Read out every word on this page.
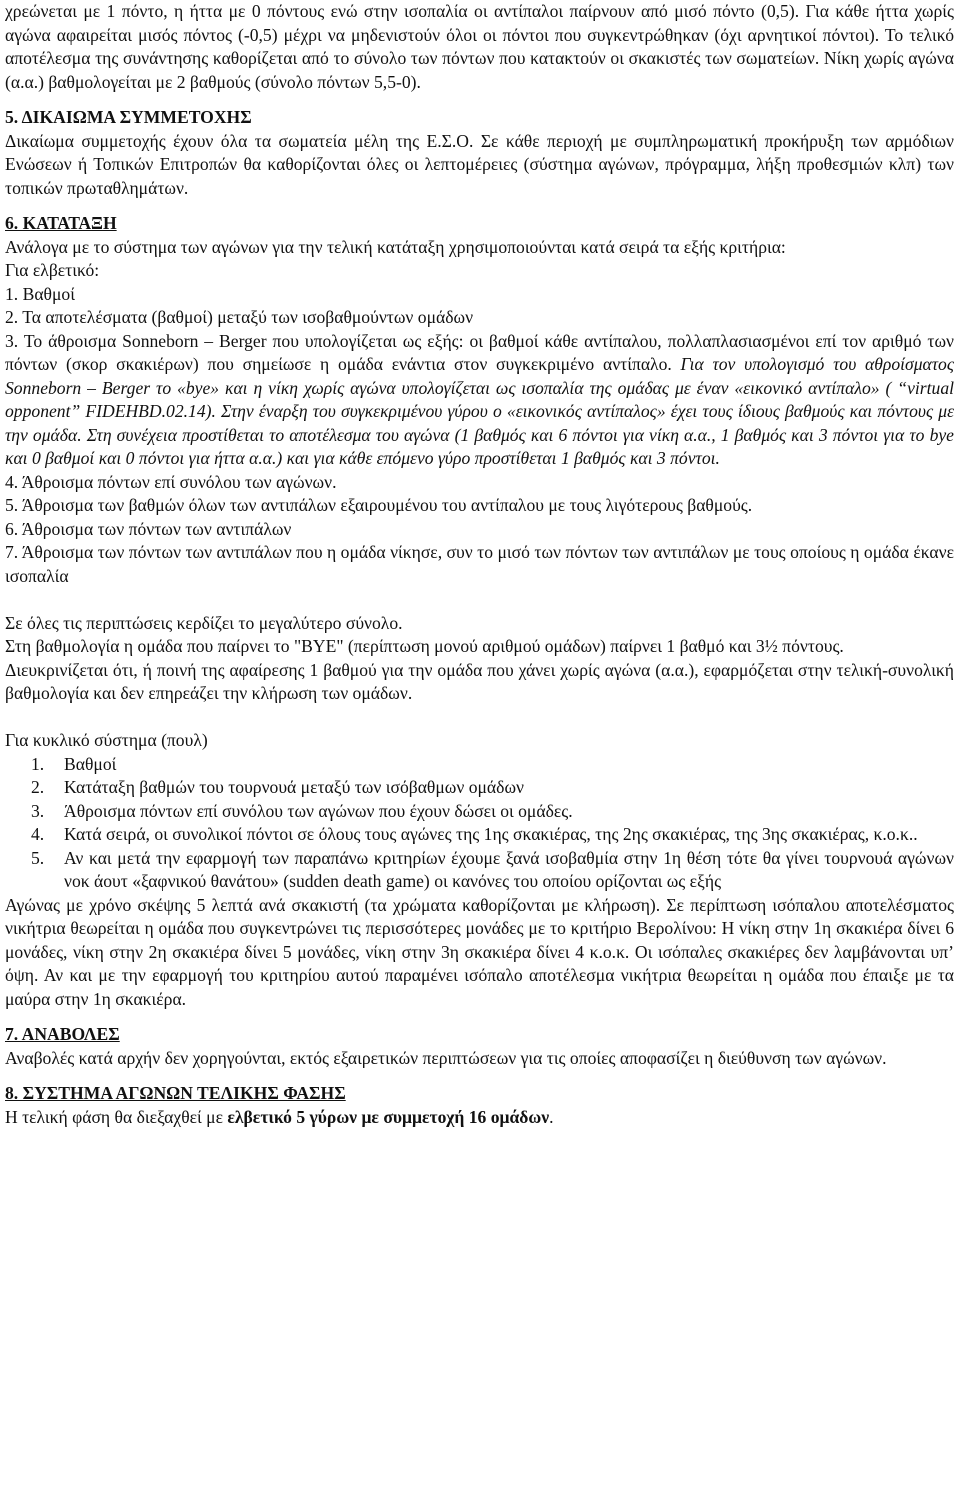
χρεώνεται με 1 πόντο, η ήττα με 0 πόντους ενώ στην ισοπαλία οι αντίπαλοι παίρνουν από μισό πόντο (0,5). Για κάθε ήττα χωρίς αγώνα αφαιρείται μισός πόντος (-0,5) μέχρι να μηδενιστούν όλοι οι πόντοι που συγκεντρώθηκαν (όχι αρνητικοί πόντοι). Το τελικό αποτέλεσμα της συνάντησης καθορίζεται από το σύνολο των πόντων που κατακτούν οι σκακιστές των σωματείων. Νίκη χωρίς αγώνα (α.α.) βαθμολογείται με 2 βαθμούς (σύνολο πόντων 5,5-0).

5. ΔΙΚΑΙΩΜΑ ΣΥΜΜΕΤΟΧΗΣ

Δικαίωμα συμμετοχής έχουν όλα τα σωματεία μέλη της Ε.Σ.Ο. Σε κάθε περιοχή με συμπληρωματική προκήρυξη των αρμόδιων Ενώσεων ή Τοπικών Επιτροπών θα καθορίζονται όλες οι λεπτομέρειες (σύστημα αγώνων, πρόγραμμα, λήξη προθεσμιών κλπ) των τοπικών πρωταθλημάτων.

6. ΚΑΤΑΤΑΞΗ

Ανάλογα με το σύστημα των αγώνων για την τελική κατάταξη χρησιμοποιούνται κατά σειρά τα εξής κριτήρια:

Για ελβετικό:

1. Βαθμοί

2. Τα αποτελέσματα (βαθμοί) μεταξύ των ισοβαθμούντων ομάδων

3. Το άθροισμα Sonneborn – Berger που υπολογίζεται ως εξής: οι βαθμοί κάθε αντίπαλου, πολλαπλασιασμένοι επί τον αριθμό των πόντων (σκορ σκακιέρων) που σημείωσε η ομάδα ενάντια στον συγκεκριμένο αντίπαλο. Για τον υπολογισμό του αθροίσματος Sonneborn – Berger το «bye» και η νίκη χωρίς αγώνα υπολογίζεται ως ισοπαλία της ομάδας με έναν «εικονικό αντίπαλο» ( “virtual opponent” FIDEHBD.02.14). Στην έναρξη του συγκεκριμένου γύρου ο «εικονικός αντίπαλος» έχει τους ίδιους βαθμούς και πόντους με την ομάδα. Στη συνέχεια προστίθεται το αποτέλεσμα του αγώνα (1 βαθμός και 6 πόντοι για νίκη α.α., 1 βαθμός και 3 πόντοι για το bye και 0 βαθμοί και 0 πόντοι για ήττα α.α.) και για κάθε επόμενο γύρο προστίθεται 1 βαθμός και 3 πόντοι.

4. Άθροισμα πόντων επί συνόλου των αγώνων.

5. Άθροισμα των βαθμών όλων των αντιπάλων εξαιρουμένου του αντίπαλου με τους λιγότερους βαθμούς.

6. Άθροισμα των πόντων των αντιπάλων

7. Άθροισμα των πόντων των αντιπάλων που η ομάδα νίκησε, συν το μισό των πόντων των αντιπάλων με τους οποίους η ομάδα έκανε ισοπαλία

Σε όλες τις περιπτώσεις κερδίζει το μεγαλύτερο σύνολο.

Στη βαθμολογία η ομάδα που παίρνει το "BYE" (περίπτωση μονού αριθμού ομάδων) παίρνει 1 βαθμό και 3½ πόντους.

Διευκρινίζεται ότι, ή ποινή της αφαίρεσης 1 βαθμού για την ομάδα που χάνει χωρίς αγώνα (α.α.), εφαρμόζεται στην τελική-συνολική βαθμολογία και δεν επηρεάζει την κλήρωση των ομάδων.

Για κυκλικό σύστημα (πουλ)

1.	Βαθμοί
2.	Κατάταξη βαθμών του τουρνουά μεταξύ των ισόβαθμων ομάδων
3.	Άθροισμα πόντων επί συνόλου των αγώνων που έχουν δώσει οι ομάδες.
4.	Κατά σειρά, οι συνολικοί πόντοι σε όλους τους αγώνες της 1ης σκακιέρας, της 2ης σκακιέρας, της 3ης σκακιέρας, κ.ο.κ..
5.	Αν και μετά την εφαρμογή των παραπάνω κριτηρίων έχουμε ξανά ισοβαθμία στην 1η θέση τότε θα γίνει τουρνουά αγώνων νοκ άουτ «ξαφνικού θανάτου» (sudden death game) οι κανόνες του οποίου ορίζονται ως εξής

Αγώνας με χρόνο σκέψης 5 λεπτά ανά σκακιστή (τα χρώματα καθορίζονται με κλήρωση). Σε περίπτωση ισόπαλου αποτελέσματος νικήτρια θεωρείται η ομάδα που συγκεντρώνει τις περισσότερες μονάδες με το κριτήριο Βερολίνου: Η νίκη στην 1η σκακιέρα δίνει 6 μονάδες, νίκη στην 2η σκακιέρα δίνει 5 μονάδες, νίκη στην 3η σκακιέρα δίνει 4 κ.ο.κ. Οι ισόπαλες σκακιέρες δεν λαμβάνονται υπ’ όψη. Αν και με την εφαρμογή του κριτηρίου αυτού παραμένει ισόπαλο αποτέλεσμα νικήτρια θεωρείται η ομάδα που έπαιξε με τα μαύρα στην 1η σκακιέρα.

7. ΑΝΑΒΟΛΕΣ

Αναβολές κατά αρχήν δεν χορηγούνται, εκτός εξαιρετικών περιπτώσεων για τις οποίες αποφασίζει η διεύθυνση των αγώνων.

8. ΣΥΣΤΗΜΑ ΑΓΩΝΩΝ ΤΕΛΙΚΗΣ ΦΑΣΗΣ

Η τελική φάση θα διεξαχθεί με ελβετικό 5 γύρων με συμμετοχή 16 ομάδων.
